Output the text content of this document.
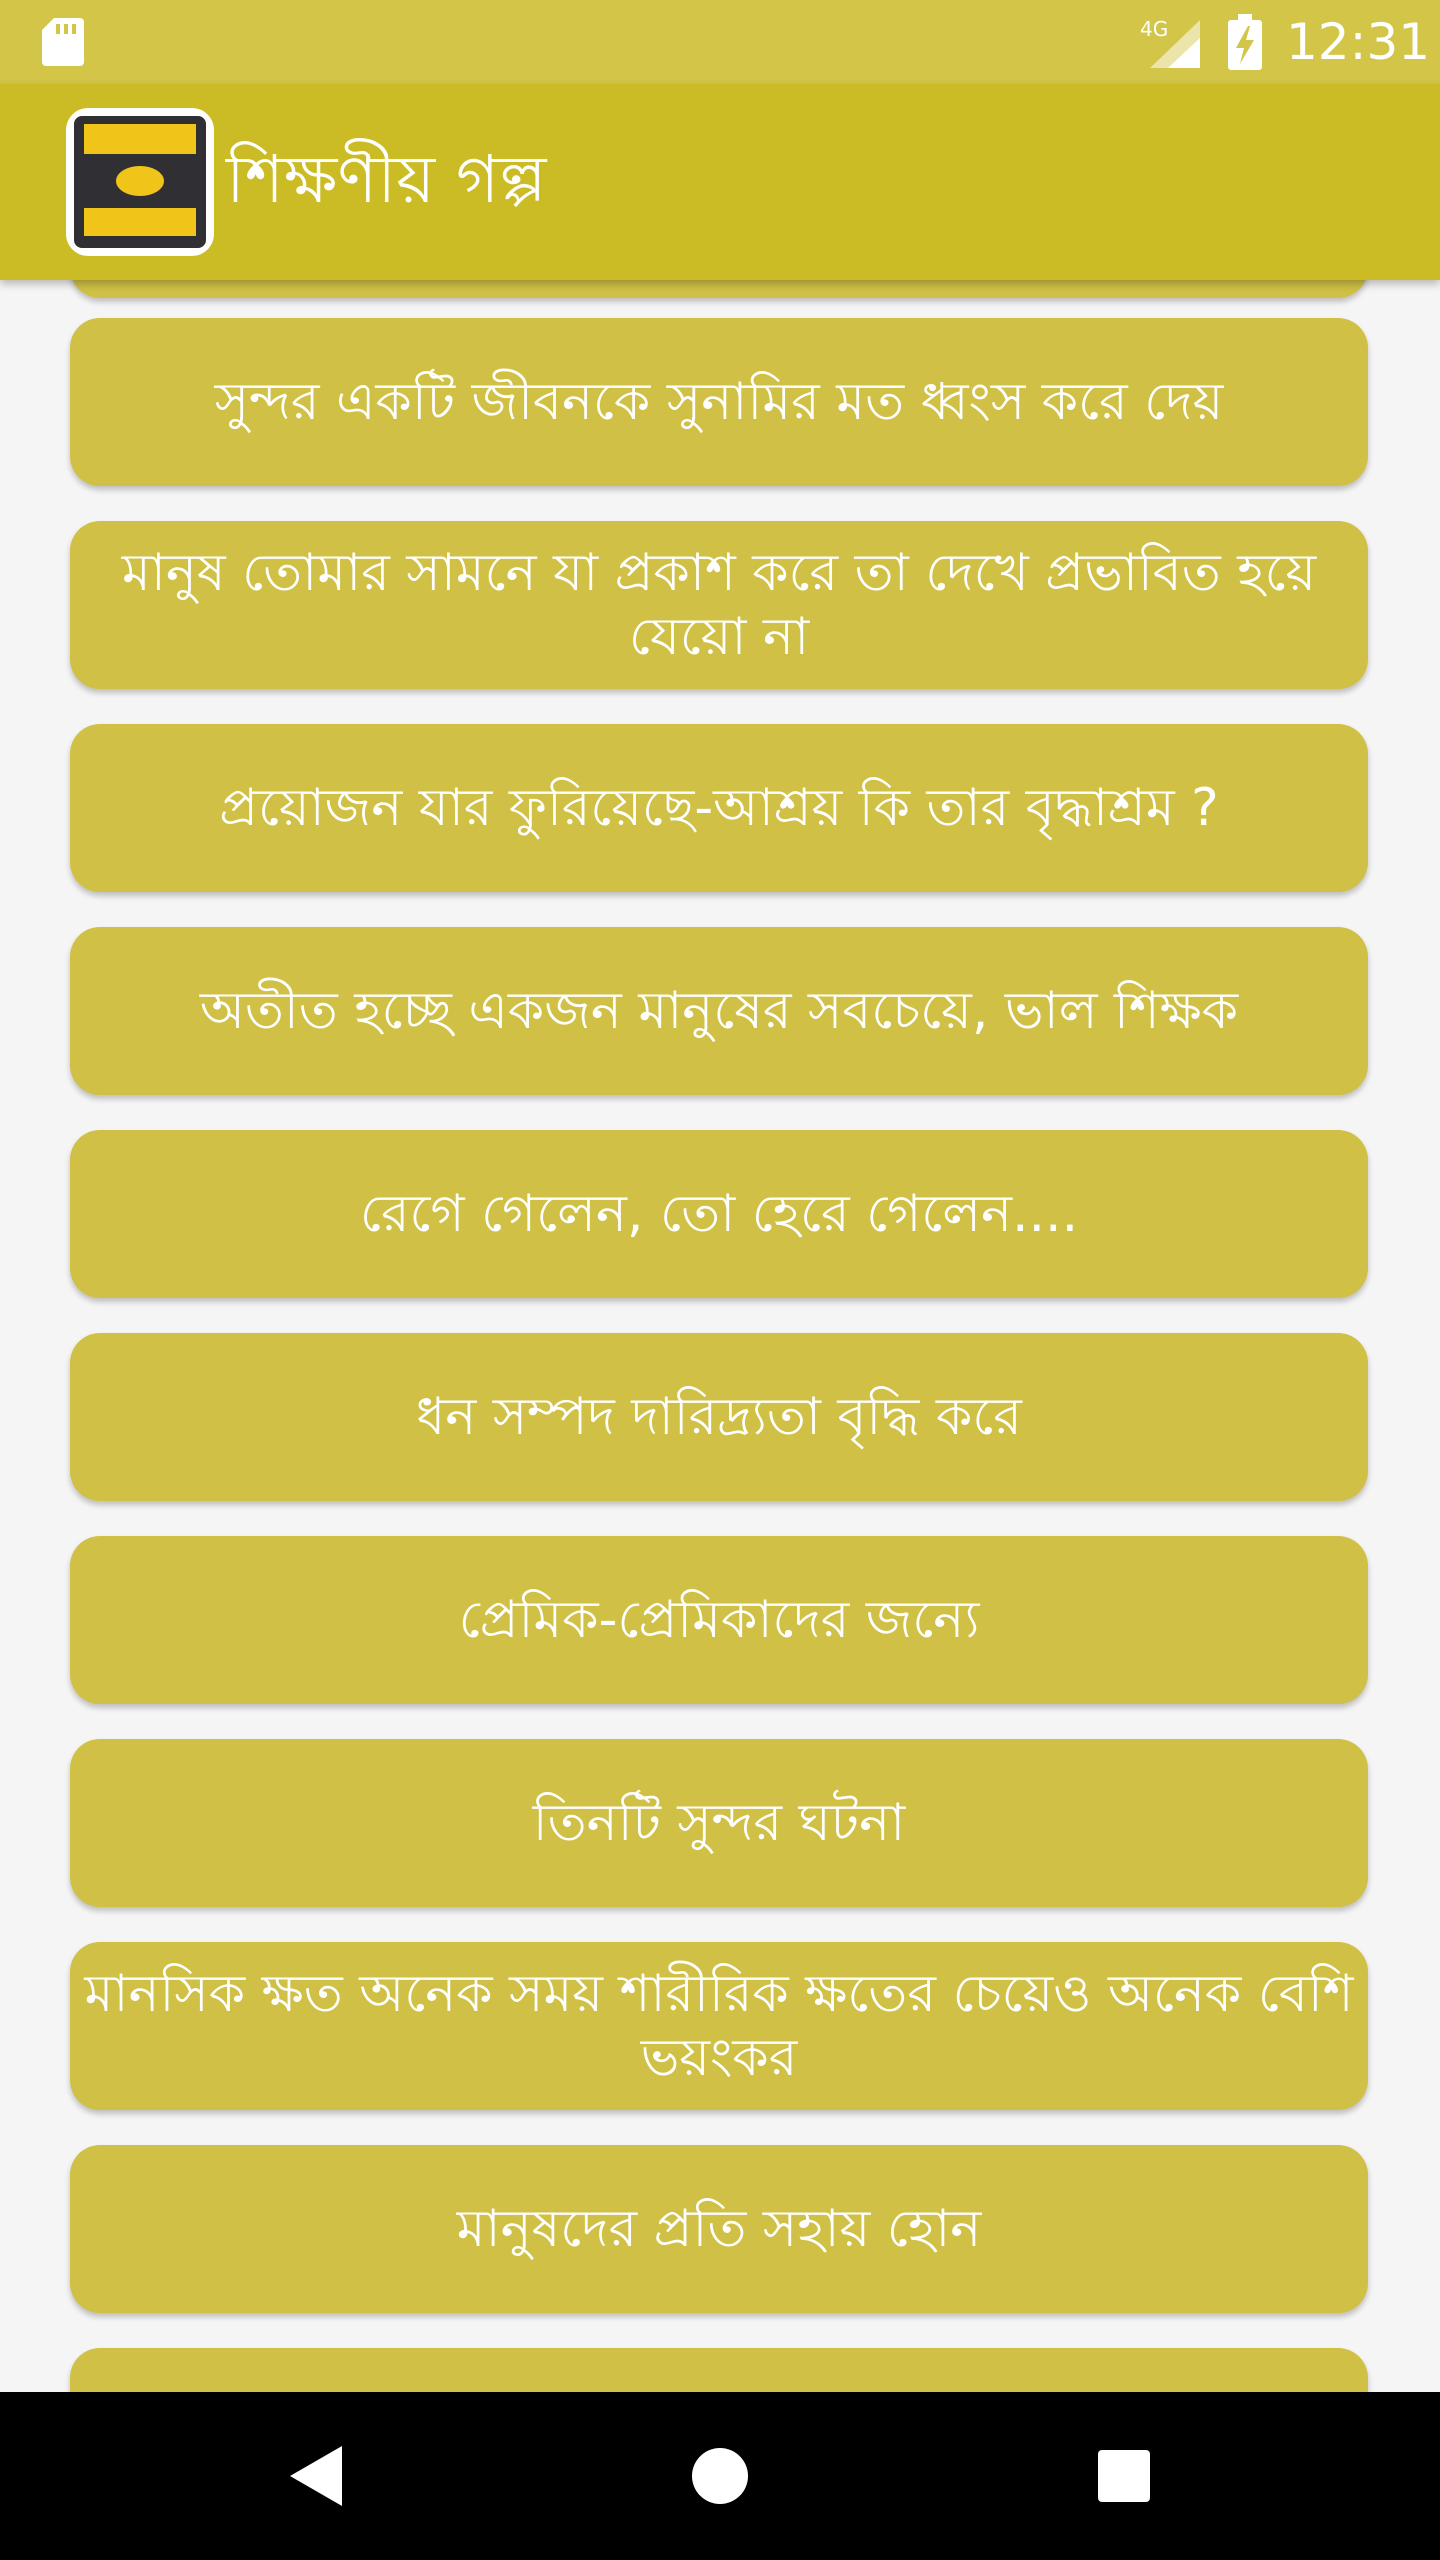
4G 12:31
শিক্ষণীয় গল্প
সুন্দর একটি জীবনকে সুনামির মত ধ্বংস করে দেয়
মানুষ তোমার সামনে যা প্রকাশ করে তা দেখে প্রভাবিত হয়ে যেয়ো না
প্রয়োজন যার ফুরিয়েছে-আশ্রয় কি তার বৃদ্ধাশ্রম ?
অতীত হচ্ছে একজন মানুষের সবচেয়ে, ভাল শিক্ষক
রেগে গেলেন, তো হেরে গেলেন....
ধন সম্পদ দারিদ্র্যতা বৃদ্ধি করে
প্রেমিক-প্রেমিকাদের জন্যে
তিনটি সুন্দর ঘটনা
মানসিক ক্ষত অনেক সময় শারীরিক ক্ষতের চেয়েও অনেক বেশি ভয়ংকর
মানুষদের প্রতি সহায় হোন
